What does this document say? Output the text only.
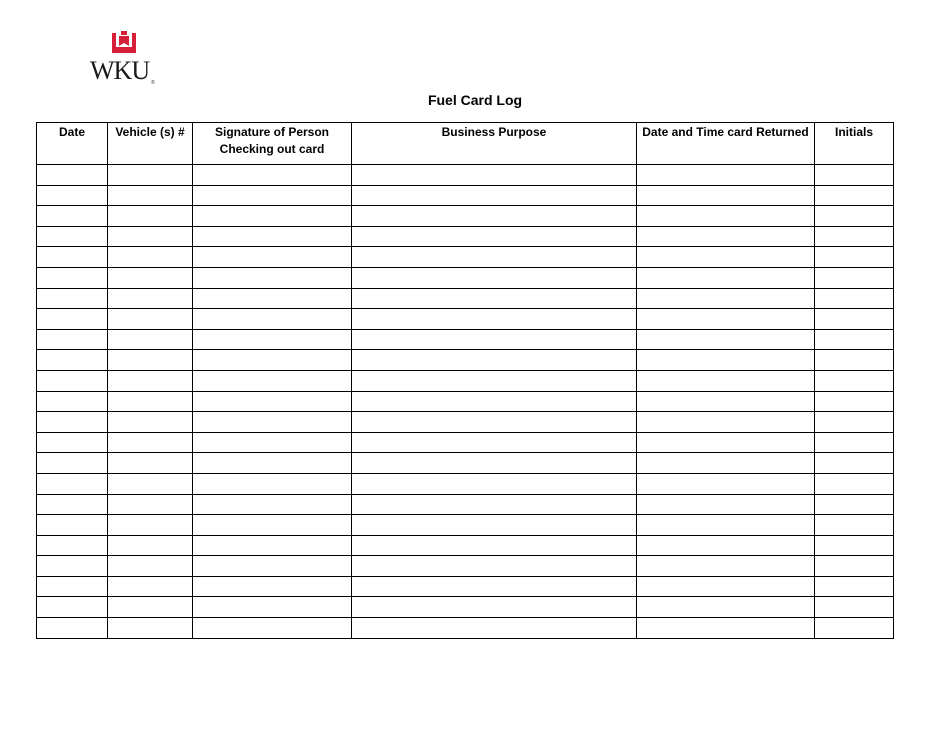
WKU ®
Fuel Card Log
Date	Vehicle (s) #	Signature of Person Checking out card	Business Purpose	Date and Time card Returned	Initials
